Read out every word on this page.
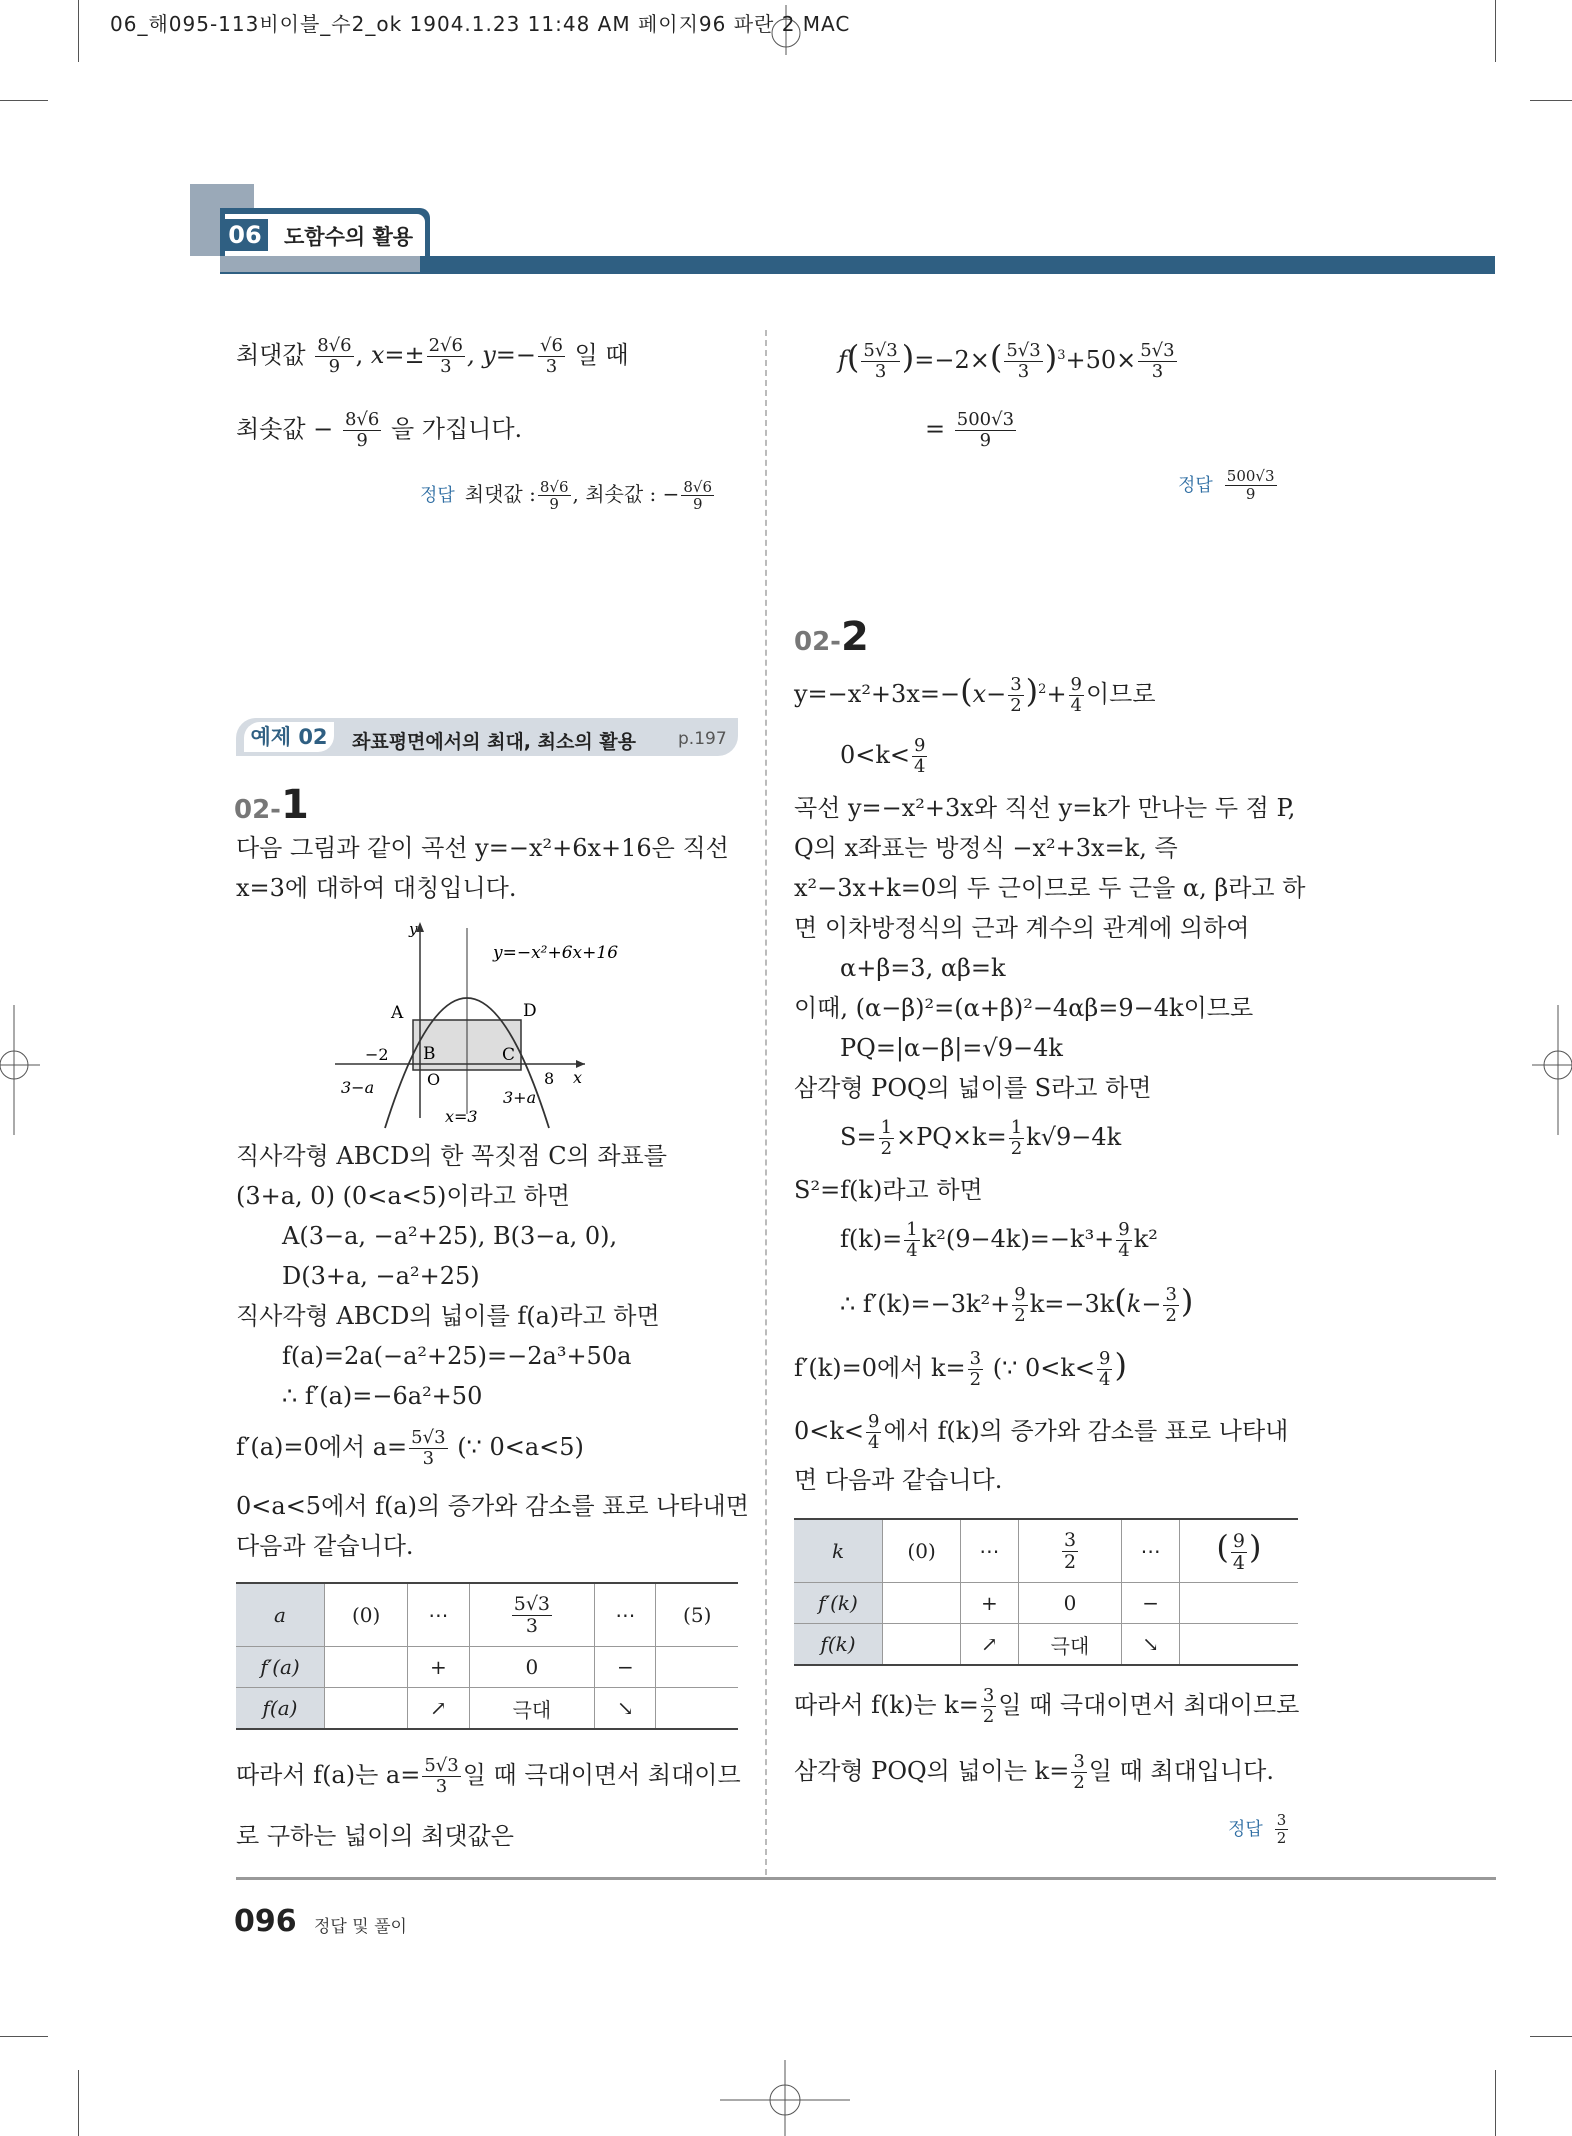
06_해095-113비이블_수2_ok 1904.1.23 11:48 AM 페이지96 파란 2 MAC
06 도함수의 활용
최댓값 $\frac{8√6}{9}$ , $x=\pm \frac{2√6}{3}$ , $y=- \frac{√6}{3}$ 일 때
최솟값 − $\frac{8√6}{9}$ 을 가집니다.
정답 최댓값 : $\frac{8√6}{9}$ , 최솟값 : − $\frac{8√6}{9}$
예제 02	좌표평면에서의 최대, 최소의 활용 p.197
02-1
다음 그림과 같이 곡선 y=−x²+6x+16은 직선
x=3에 대하여 대칭입니다.
y=−x²+6x+16
y
x
A
B	C
D
O
−2
8
3−a
3+a
x=3
직사각형 ABCD의 한 꼭짓점 C의 좌표를
(3+a, 0) (0<a<5)이라고 하면
A(3−a, −a²+25), B(3−a, 0),
D(3+a, −a²+25)
직사각형 ABCD의 넓이를 f(a)라고 하면
f(a)=2a(−a²+25)=−2a³+50a
∴ f′(a)=−6a²+50
f′(a)=0에서 $a= \frac{5√3}{3}$ (∵ 0<a<5)
0<a<5에서 f(a)의 증가와 감소를 표로 나타내면
다음과 같습니다.
a	(0)	⋯	$\frac{5√3}{3}$	⋯	(5)
f′(a)		+	0	−	
f(a)		↗	극대	↘	
따라서 f(a)는 $a= \frac{5√3}{3}$ 일 때 극대이면서 최대이므
로 구하는 넓이의 최댓값은
$f( \frac{5√3}{3} )=-2\times( \frac{5√3}{3} )^3+50\times \frac{5√3}{3}$
= $\frac{500√3}{9}$
정답 $\frac{500√3}{9}$
02-2
$y=-x^2+3x=-(x- \frac{3}{2} )^2+ \frac{9}{4}$ 이므로
$0<k< \frac{9}{4}$
곡선 y=−x²+3x와 직선 y=k가 만나는 두 점 P,
Q의 x좌표는 방정식 −x²+3x=k, 즉
x²−3x+k=0의 두 근이므로 두 근을 α, β라고 하
면 이차방정식의 근과 계수의 관계에 의하여
α+β=3, αβ=k
이때, (α−β)²=(α+β)²−4αβ=9−4k이므로
PQ=|α−β|=√9−4k
삼각형 POQ의 넓이를 S라고 하면
$S= \frac{1}{2} \times PQ\times k= \frac{1}{2} k√9-4k$
S²=f(k)라고 하면
$f(k)= \frac{1}{4} k^2(9-4k)=-k^3+ \frac{9}{4} k^2$
∴ $f'(k)=-3k^2+ \frac{9}{2} k=-3k(k- \frac{3}{2}$ )
f′(k)=0에서 $k= \frac{3}{2}$ (∵ $0<k< \frac{9}{4}$ )
$0<k< \frac{9}{4}$ 에서 f(k)의 증가와 감소를 표로 나타내
면 다음과 같습니다.
k	(0)	⋯	$\frac{3}{2}$	⋯	( $\frac{9}{4}$ )
f′(k)		+	0	−	
f(k)		↗	극대	↘	
따라서 f(k)는 $k= \frac{3}{2}$ 일 때 극대이면서 최대이므로
삼각형 POQ의 넓이는 $k= \frac{3}{2}$ 일 때 최대입니다.
정답 $\frac{3}{2}$
096 정답 및 풀이
